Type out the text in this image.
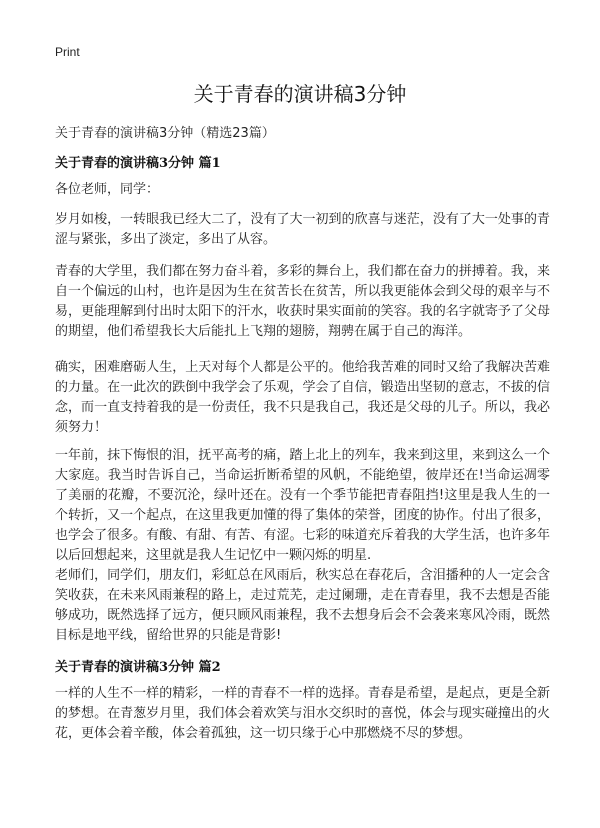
Print
关于青春的演讲稿3分钟
关于青春的演讲稿3分钟（精选23篇）
关于青春的演讲稿3分钟 篇1

各位老师，同学：

岁月如梭，一转眼我已经大二了，没有了大一初到的欣喜与迷茫，没有了大一处事的青涩与紧张，多出了淡定，多出了从容。

青春的大学里，我们都在努力奋斗着，多彩的舞台上，我们都在奋力的拼搏着。我，来自一个偏远的山村，也许是因为生在贫苦长在贫苦，所以我更能体会到父母的艰辛与不易，更能理解到付出时太阳下的汗水，收获时果实面前的笑容。我的名字就寄予了父母的期望，他们希望我长大后能扎上飞翔的翅膀，翔骋在属于自己的海洋。

确实，困难磨砺人生，上天对每个人都是公平的。他给我苦难的同时又给了我解决苦难的力量。在一此次的跌倒中我学会了乐观，学会了自信，锻造出坚韧的意志，不拔的信念，而一直支持着我的是一份责任，我不只是我自己，我还是父母的儿子。所以，我必须努力！

一年前，抹下悔恨的泪，抚平高考的痛，踏上北上的列车，我来到这里，来到这么一个大家庭。我当时告诉自己，当命运折断希望的风帆，不能绝望，彼岸还在!当命运凋零了美丽的花瓣，不要沉沦，绿叶还在。没有一个季节能把青春阻挡!这里是我人生的一个转折，又一个起点，在这里我更加懂的得了集体的荣誉，团度的协作。付出了很多，也学会了很多。有酸、有甜、有苦、有涩。七彩的味道充斥着我的大学生活，也许多年以后回想起来，这里就是我人生记忆中一颗闪烁的明星.

老师们，同学们，朋友们，彩虹总在风雨后，秋实总在春花后，含泪播种的人一定会含笑收获，在未来风雨兼程的路上，走过荒芜，走过阑珊，走在青春里，我不去想是否能够成功，既然选择了远方，便只顾风雨兼程，我不去想身后会不会袭来寒风冷雨，既然目标是地平线，留给世界的只能是背影!

关于青春的演讲稿3分钟 篇2

一样的人生不一样的精彩，一样的青春不一样的选择。青春是希望，是起点，更是全新的梦想。在青葱岁月里，我们体会着欢笑与泪水交织时的喜悦，体会与现实碰撞出的火花，更体会着辛酸，体会着孤独，这一切只缘于心中那燃烧不尽的梦想。
